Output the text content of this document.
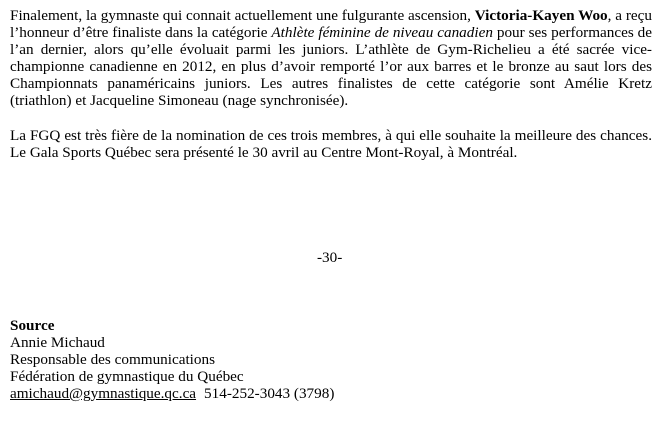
Finalement, la gymnaste qui connait actuellement une fulgurante ascension, Victoria-Kayen Woo, a reçu l’honneur d’être finaliste dans la catégorie Athlète féminine de niveau canadien pour ses performances de l’an dernier, alors qu’elle évoluait parmi les juniors. L’athlète de Gym-Richelieu a été sacrée vice-championne canadienne en 2012, en plus d’avoir remporté l’or aux barres et le bronze au saut lors des Championnats panaméricains juniors. Les autres finalistes de cette catégorie sont Amélie Kretz (triathlon) et Jacqueline Simoneau (nage synchronisée).

La FGQ est très fière de la nomination de ces trois membres, à qui elle souhaite la meilleure des chances. Le Gala Sports Québec sera présenté le 30 avril au Centre Mont-Royal, à Montréal.

-30-
Source
Annie Michaud
Responsable des communications
Fédération de gymnastique du Québec
amichaud@gymnastique.qc.ca 514-252-3043 (3798)
